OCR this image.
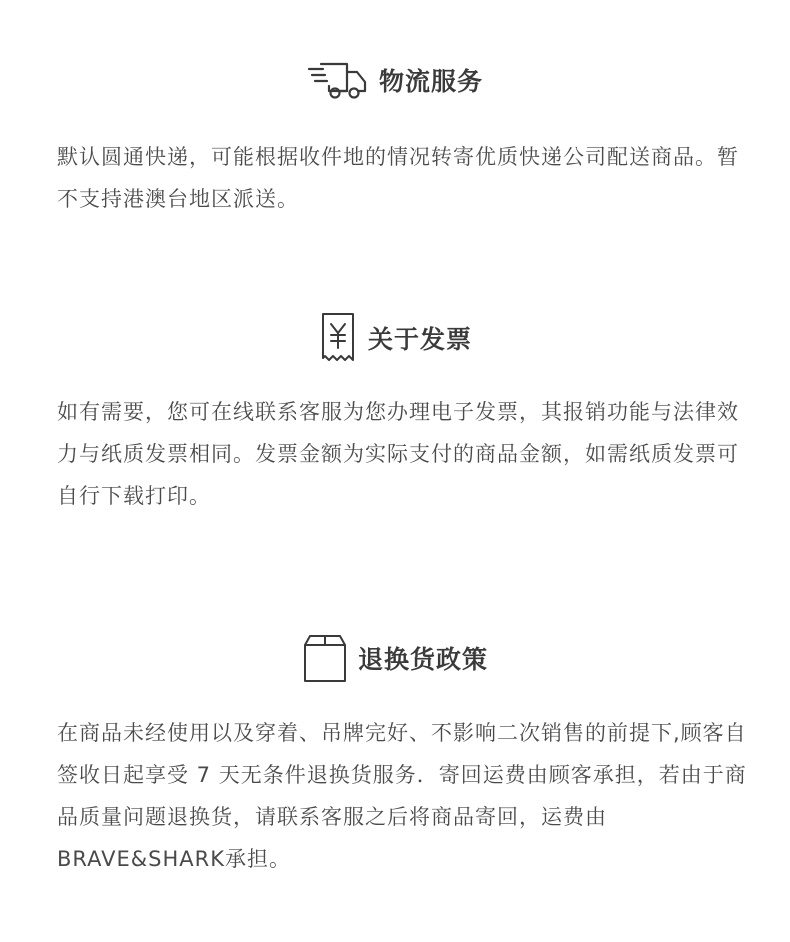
物流服务
默认圆通快递，可能根据收件地的情况转寄优质快递公司配送商品。暂不支持港澳台地区派送。
关于发票
如有需要，您可在线联系客服为您办理电子发票，其报销功能与法律效力与纸质发票相同。发票金额为实际支付的商品金额，如需纸质发票可自行下载打印。
退换货政策
在商品未经使用以及穿着、吊牌完好、不影响二次销售的前提下,顾客自签收日起享受 7 天无条件退换货服务．寄回运费由顾客承担，若由于商品质量问题退换货，请联系客服之后将商品寄回，运费由BRAVE&SHARK承担。
